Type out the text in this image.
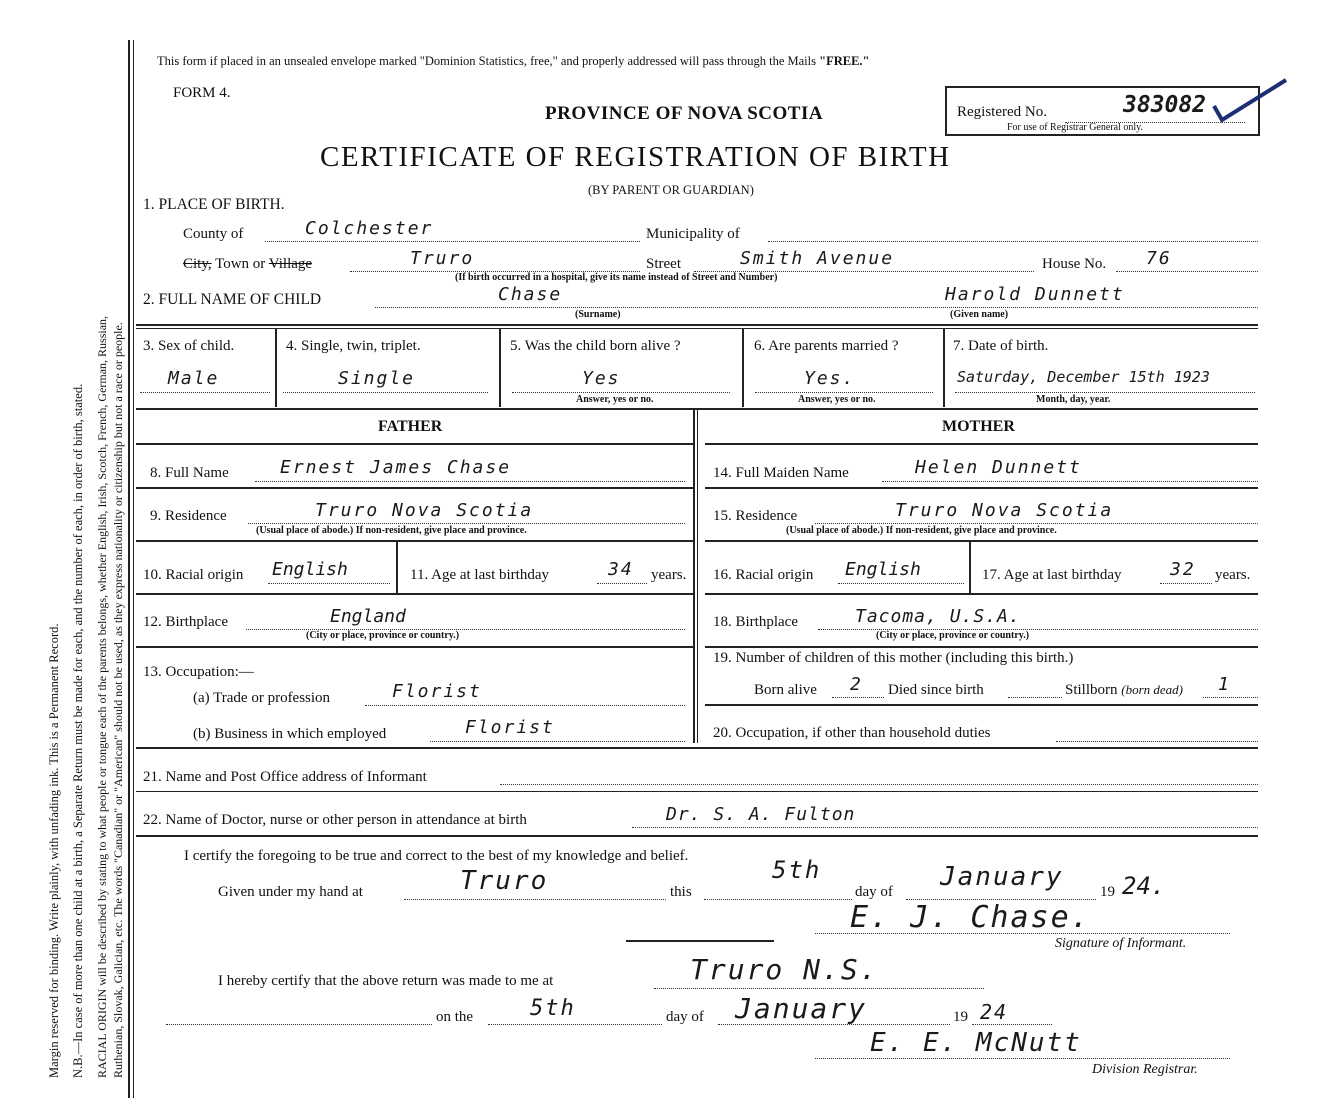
Margin reserved for binding. Write plainly, with unfading ink. This is a Permanent Record. N.B.—In case of more than one child at a birth, a Separate Return must be made for each, and the number of each, in order of birth, stated. RACIAL ORIGIN will be described by stating to what people or tongue each of the parents belongs, whether English, Irish, Scotch, French, German, Russian, Ruthenian, Slovak, Galician, etc. The words "Canadian" or "American" should not be used, as they express nationality or citizenship but not a race or people.
This form if placed in an unsealed envelope marked "Dominion Statistics, free," and properly addressed will pass through the Mails "FREE."
FORM 4.
PROVINCE OF NOVA SCOTIA	Registered No.	383082
For use of Registrar General only.
CERTIFICATE OF REGISTRATION OF BIRTH
(BY PARENT OR GUARDIAN)
1. PLACE OF BIRTH.
County of	Colchester	Municipality of
City, Town or Village	Truro	Street	Smith Avenue	House No. 76
(If birth occurred in a hospital, give its name instead of Street and Number)
2. FULL NAME OF CHILD	Chase
(Surname)
Harold Dunnett
(Given name)
3. Sex of child.
Male
4. Single, twin, triplet.
Single
5. Was the child born alive ?
Yes
Answer, yes or no.
6. Are parents married ?
Yes.
Answer, yes or no.
7. Date of birth.
Saturday, December 15th 1923
Month, day, year.
FATHER	MOTHER
8. Full Name	Ernest James Chase
9. Residence	Truro Nova Scotia
(Usual place of abode.) If non-resident, give place and province.
10. Racial origin English	11. Age at last birthday	34 years.
12. Birthplace	England
(City or place, province or country.)
13. Occupation:—
(a) Trade or profession	Florist
(b) Business in which employed	Florist
14. Full Maiden Name	Helen Dunnett
15. Residence	Truro Nova Scotia
(Usual place of abode.) If non-resident, give place and province.
16. Racial origin English	17. Age at last birthday	32 years.
18. Birthplace	Tacoma, U.S.A.
(City or place, province or country.)
19. Number of children of this mother (including this birth.)
Born alive 2 Died since birth	Stillborn (born dead) 1
20. Occupation, if other than household duties
21. Name and Post Office address of Informant
22. Name of Doctor, nurse or other person in attendance at birth	Dr. S. A. Fulton
I certify the foregoing to be true and correct to the best of my knowledge and belief.
Given under my hand at	Truro	this
5th
day of January 19 24.
E. J. Chase.
Signature of Informant.
I hereby certify that the above return was made to me at	Truro N.S.
on the	5th	day of January	19 24
E. E. McNutt
Division Registrar.
